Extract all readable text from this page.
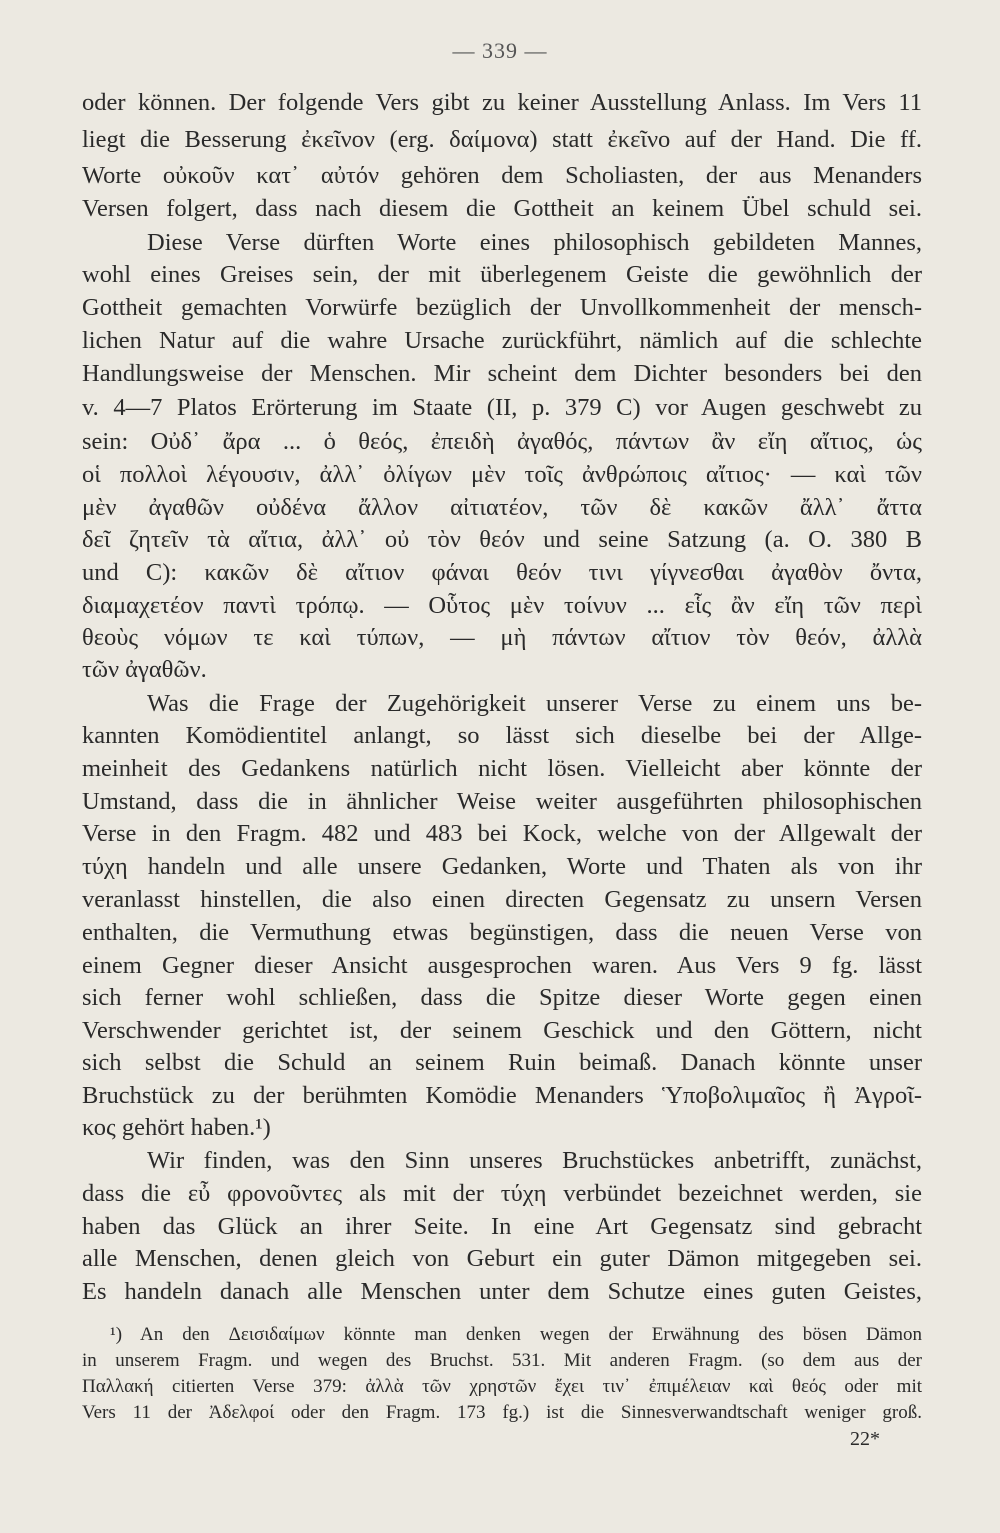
— 339 —
oder können. Der folgende Vers gibt zu keiner Ausstellung Anlass. Im Vers 11
liegt die Besserung ἐκεῖνον (erg. δαίμονα) statt ἐκεῖνο auf der Hand. Die ff.
Worte οὐκοῦν κατ᾽ αὐτόν gehören dem Scholiasten, der aus Menanders
Versen folgert, dass nach diesem die Gottheit an keinem Übel schuld sei.
Diese Verse dürften Worte eines philosophisch gebildeten Mannes,
wohl eines Greises sein, der mit überlegenem Geiste die gewöhnlich der
Gottheit gemachten Vorwürfe bezüglich der Unvollkommenheit der mensch-
lichen Natur auf die wahre Ursache zurückführt, nämlich auf die schlechte
Handlungsweise der Menschen. Mir scheint dem Dichter besonders bei den
v. 4—7 Platos Erörterung im Staate (II, p. 379 C) vor Augen geschwebt zu
sein: Οὐδ᾽ ἄρα ... ὁ θεός, ἐπειδὴ ἀγαθός, πάντων ἂν εἴη αἴτιος, ὡς
οἱ πολλοὶ λέγουσιν, ἀλλ᾽ ὀλίγων μὲν τοῖς ἀνθρώποις αἴτιος· — καὶ τῶν
μὲν ἀγαθῶν οὐδένα ἄλλον αἰτιατέον, τῶν δὲ κακῶν ἄλλ᾽ ἄττα
δεῖ ζητεῖν τὰ αἴτια, ἀλλ᾽ οὐ τὸν θεόν und seine Satzung (a. O. 380 B
und C): κακῶν δὲ αἴτιον φάναι θεόν τινι γίγνεσθαι ἀγαθὸν ὄντα,
διαμαχετέον παντὶ τρόπῳ. — Οὗτος μὲν τοίνυν ... εἷς ἂν εἴη τῶν περὶ
θεοὺς νόμων τε καὶ τύπων, — μὴ πάντων αἴτιον τὸν θεόν, ἀλλὰ
τῶν ἀγαθῶν.
Was die Frage der Zugehörigkeit unserer Verse zu einem uns be-
kannten Komödientitel anlangt, so lässt sich dieselbe bei der Allge-
meinheit des Gedankens natürlich nicht lösen. Vielleicht aber könnte der
Umstand, dass die in ähnlicher Weise weiter ausgeführten philosophischen
Verse in den Fragm. 482 und 483 bei Kock, welche von der Allgewalt der
τύχη handeln und alle unsere Gedanken, Worte und Thaten als von ihr
veranlasst hinstellen, die also einen directen Gegensatz zu unsern Versen
enthalten, die Vermuthung etwas begünstigen, dass die neuen Verse von
einem Gegner dieser Ansicht ausgesprochen waren. Aus Vers 9 fg. lässt
sich ferner wohl schließen, dass die Spitze dieser Worte gegen einen
Verschwender gerichtet ist, der seinem Geschick und den Göttern, nicht
sich selbst die Schuld an seinem Ruin beimaß. Danach könnte unser
Bruchstück zu der berühmten Komödie Menanders Ὑποβολιμαῖος ἢ Ἀγροῖ-
κος gehört haben.¹)
Wir finden, was den Sinn unseres Bruchstückes anbetrifft, zunächst,
dass die εὖ φρονοῦντες als mit der τύχη verbündet bezeichnet werden, sie
haben das Glück an ihrer Seite. In eine Art Gegensatz sind gebracht
alle Menschen, denen gleich von Geburt ein guter Dämon mitgegeben sei.
Es handeln danach alle Menschen unter dem Schutze eines guten Geistes,
¹) An den Δεισιδαίμων könnte man denken wegen der Erwähnung des bösen Dämon
in unserem Fragm. und wegen des Bruchst. 531. Mit anderen Fragm. (so dem aus der
Παλλακή citierten Verse 379: ἀλλὰ τῶν χρηστῶν ἔχει τιν᾽ ἐπιμέλειαν καὶ θεός oder mit
Vers 11 der Ἀδελφοί oder den Fragm. 173 fg.) ist die Sinnesverwandtschaft weniger groß.
22*
